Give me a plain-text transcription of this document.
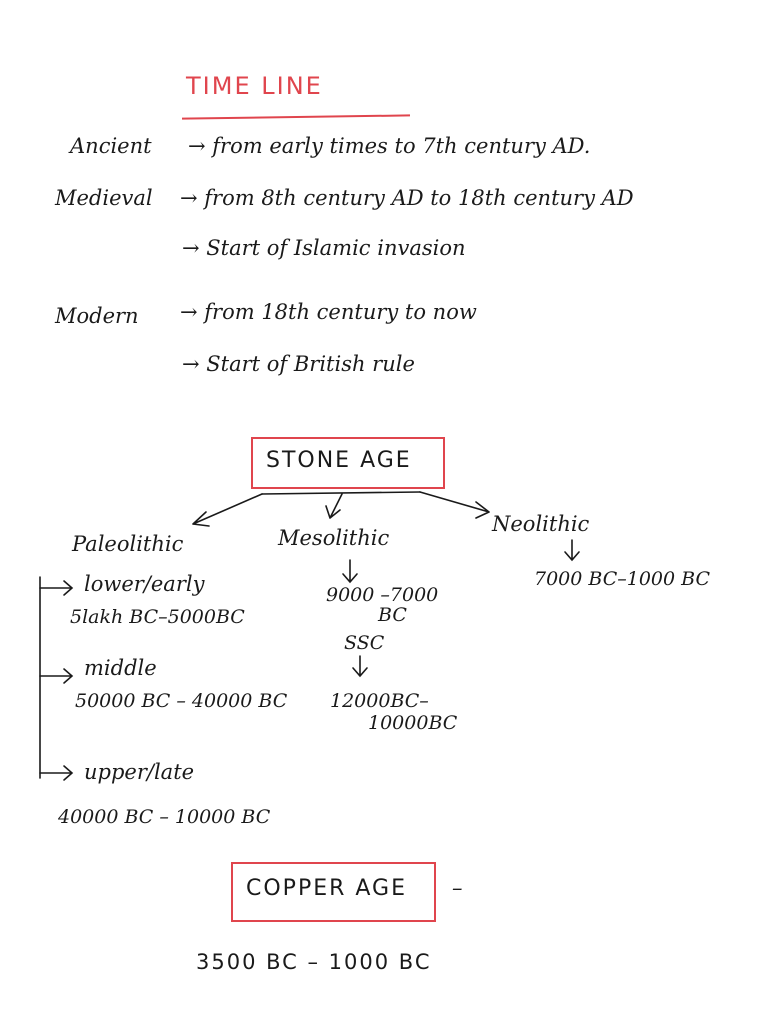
TIME LINE
Ancient → from early times to 7th century AD.
Medieval → from 8th century AD to 18th century AD
→ Start of Islamic invasion
Modern → from 18th century to now
→ Start of British rule
STONE AGE
Paleolithic
lower/early
5lakh BC–5000BC
middle
50000 BC – 40000 BC
upper/late
40000 BC – 10000 BC
Mesolithic
9000 –7000
BC
SSC
12000BC–
10000BC
Neolithic
7000 BC–1000 BC
COPPER AGE –
3500 BC – 1000 BC
